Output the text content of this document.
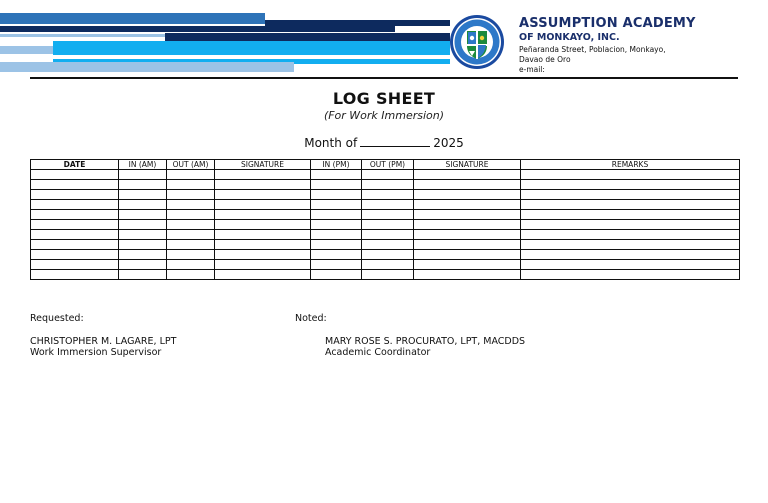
ASSUMPTION ACADEMY
OF MONKAYO, INC.
Peñaranda Street, Poblacion, Monkayo,
Davao de Oro
e-mail:
LOG SHEET
(For Work Immersion)
Month of	2025
DATE	IN (AM)	OUT (AM)	SIGNATURE	IN (PM)	OUT (PM)	SIGNATURE	REMARKS

Requested:	Noted:
CHRISTOPHER M. LAGARE, LPT
Work Immersion Supervisor
MARY ROSE S. PROCURATO, LPT, MACDDS
Academic Coordinator
